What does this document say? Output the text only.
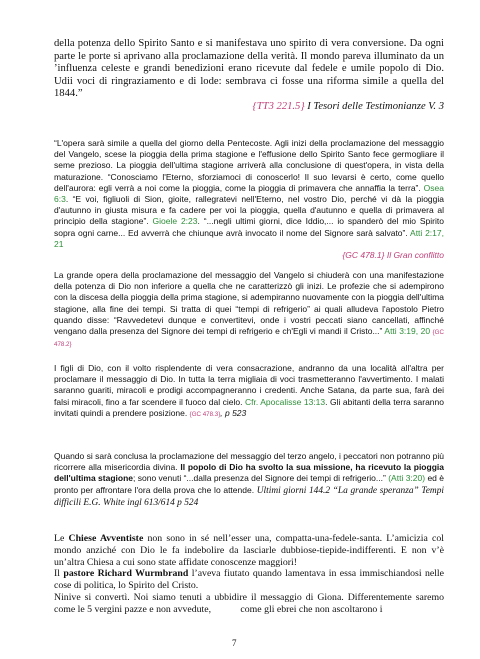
della potenza dello Spirito Santo e si manifestava uno spirito di vera conversione. Da ogni parte le porte si aprivano alla proclamazione della verità. Il mondo pareva illuminato da un ’influenza celeste e grandi benedizioni erano ricevute dal fedele e umile popolo di Dio. Udii voci di ringraziamento e di lode: sembrava ci fosse una riforma simile a quella del 1844.”
{TT3 221.5} I Tesori delle Testimonianze V. 3
“L'opera sarà simile a quella del giorno della Pentecoste. Agli inizi della proclamazione del messaggio del Vangelo, scese la pioggia della prima stagione e l'effusione dello Spirito Santo fece germogliare il seme prezioso. La pioggia dell'ultima stagione arriverà alla conclusione di quest'opera, in vista della maturazione. “Conosciamo l'Eterno, sforziamoci di conoscerlo! Il suo levarsi è certo, come quello dell'aurora: egli verrà a noi come la pioggia, come la pioggia di primavera che annaffia la terra”. Osea 6:3. “E voi, figliuoli di Sion, gioite, rallegratevi nell'Eterno, nel vostro Dio, perché vi dà la pioggia d'autunno in giusta misura e fa cadere per voi la pioggia, quella d'autunno e quella di primavera al principio della stagione”. Gioele 2:23. “...negli ultimi giorni, dice Iddio,... io spanderò del mio Spirito sopra ogni carne... Ed avverrà che chiunque avrà invocato il nome del Signore sarà salvato”. Atti 2:17, 21
{GC 478.1} Il Gran conflitto
La grande opera della proclamazione del messaggio del Vangelo si chiuderà con una manifestazione della potenza di Dio non inferiore a quella che ne caratterizzò gli inizi. Le profezie che si adempirono con la discesa della pioggia della prima stagione, si adempiranno nuovamente con la pioggia dell'ultima stagione, alla fine dei tempi. Si tratta di quei “tempi di refrigerio” ai quali alludeva l'apostolo Pietro quando disse: “Ravvedetevi dunque e convertitevi, onde i vostri peccati siano cancellati, affinché vengano dalla presenza del Signore dei tempi di refrigerio e ch'Egli vi mandi il Cristo...” Atti 3:19, 20 {GC 478.2}
I figli di Dio, con il volto risplendente di vera consacrazione, andranno da una località all'altra per proclamare il messaggio di Dio. In tutta la terra migliaia di voci trasmetteranno l'avvertimento. I malati saranno guariti, miracoli e prodigi accompagneranno i credenti. Anche Satana, da parte sua, farà dei falsi miracoli, fino a far scendere il fuoco dal cielo. Cfr. Apocalisse 13:13. Gli abitanti della terra saranno invitati quindi a prendere posizione. {GC 478.3}, p 523
Quando si sarà conclusa la proclamazione del messaggio del terzo angelo, i peccatori non potranno più ricorrere alla misericordia divina. Il popolo di Dio ha svolto la sua missione, ha ricevuto la pioggia dell'ultima stagione; sono venuti “...dalla presenza del Signore dei tempi di refrigerio...” (Atti 3:20) ed è pronto per affrontare l'ora della prova che lo attende. Ultimi giorni 144.2 “La grande speranza” Tempi difficili E.G. White ingl 613/614 p 524
Le Chiese Avventiste non sono in sé nell’esser una, compatta-una-fedele-santa. L’amicizia col mondo anziché con Dio le fa indebolire da lasciarle dubbiose-tiepide-indifferenti. E non v’è un’altra Chiesa a cui sono state affidate conoscenze maggiori!
Il pastore Richard Wurmbrand l’aveva fiutato quando lamentava in essa immischiandosi nelle cose di politica, lo Spirito del Cristo.
Ninive si convertì. Noi siamo tenuti a ubbidire il messaggio di Giona. Differentemente saremo come le 5 vergini pazze e non avvedute,            come gli ebrei che non ascoltarono i
7
